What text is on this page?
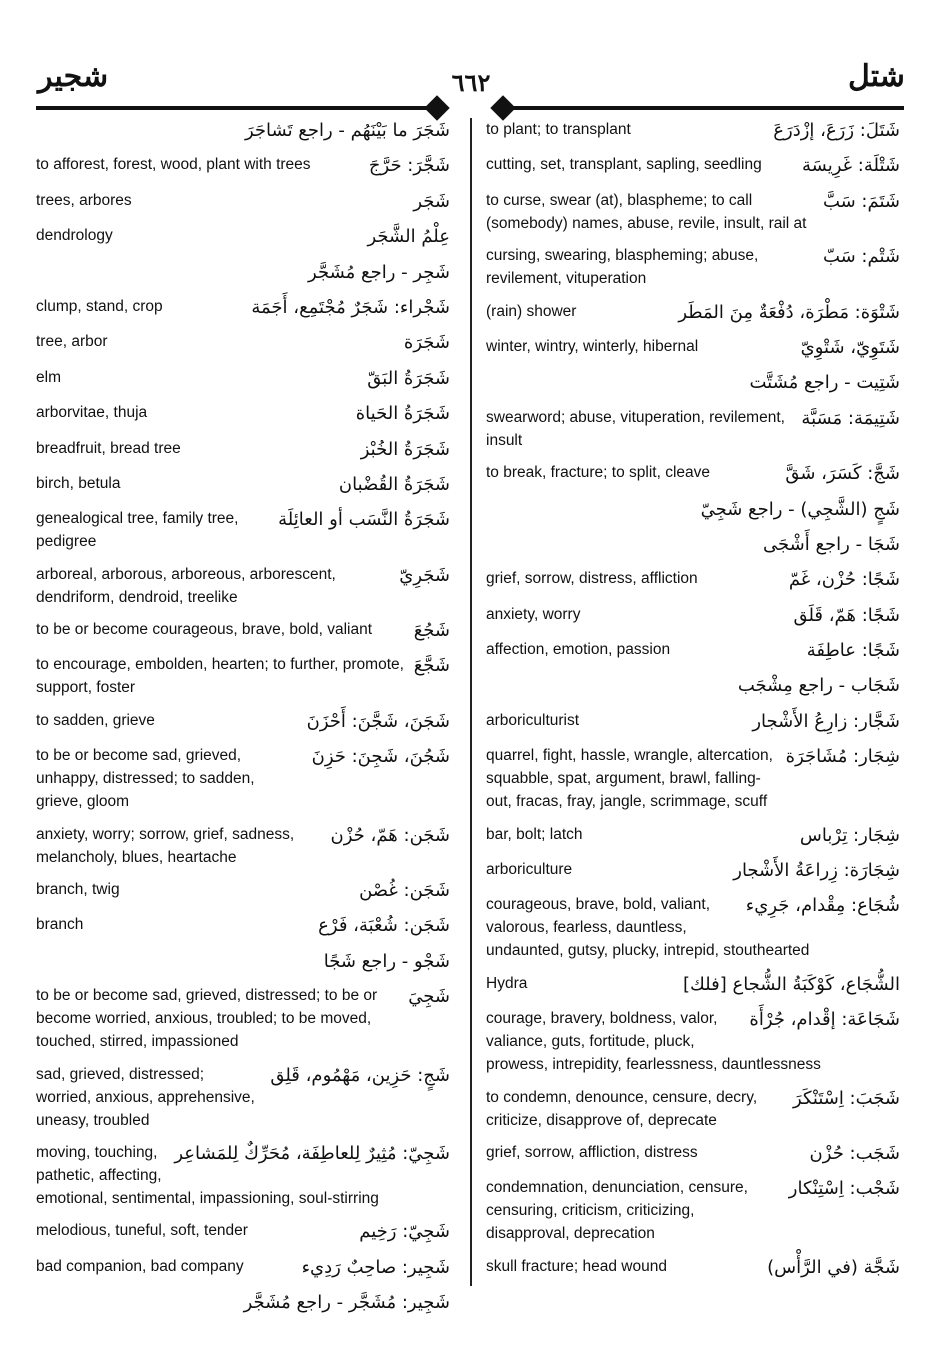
شتل
٦٦٢
شجير
شَتَلَ: زَرَعَ، إزْدَرَعَ
to plant; to transplant
شَتْلَة: غَرِيسَة
cutting, set, transplant, sapling, seedling
شَتَمَ: سَبَّ
to curse, swear (at), blaspheme; to call (somebody) names, abuse, revile, insult, rail at
شَتْم: سَبّ
cursing, swearing, blaspheming; abuse, revilement, vituperation
شَتْوَة: مَطْرَة، دُفْعَةٌ مِنَ المَطَر
(rain) shower
شَتَوِيّ، شَتْوِيّ
winter, wintry, winterly, hibernal
شَتِيت - راجع مُشَتَّت
شَتِيمَة: مَسَبَّة
swearword; abuse, vituperation, revilement, insult
شَجَّ: كَسَرَ، شَقَّ
to break, fracture; to split, cleave
شَجٍ (الشَّجِي) - راجع شَجِيّ
شَجَا - راجع أَشْجَى
شَجًا: حُزْن، غَمّ
grief, sorrow, distress, affliction
شَجًا: هَمّ، قَلَق
anxiety, worry
شَجًا: عاطِفَة
affection, emotion, passion
شَجَاب - راجع مِشْجَب
شَجَّار: زارِعُ الأَشْجار
arboriculturist
شِجَار: مُشَاجَرَة
quarrel, fight, hassle, wrangle, altercation, squabble, spat, argument, brawl, falling-out, fracas, fray, jangle, scrimmage, scuff
شِجَار: تِرْباس
bar, bolt; latch
شِجَارَة: زِراعَةُ الأَشْجار
arboriculture
شُجَاع: مِقْدام، جَرِيء
courageous, brave, bold, valiant, valorous, fearless, dauntless, undaunted, gutsy, plucky, intrepid, stouthearted
الشُّجَاع، كَوْكَبَةُ الشُّجاع [فلك]
Hydra
شَجَاعَة: إقْدام، جُرْأَة
courage, bravery, boldness, valor, valiance, guts, fortitude, pluck, prowess, intrepidity, fearlessness, dauntlessness
شَجَبَ: اِسْتَنْكَرَ
to condemn, denounce, censure, decry, criticize, disapprove of, deprecate
شَجَب: حُزْن
grief, sorrow, affliction, distress
شَجْب: اِسْتِنْكار
condemnation, denunciation, censure, censuring, criticism, criticizing, disapproval, deprecation
شَجَّة (في الرَّأْس)
skull fracture; head wound
شَجَرَ ما بَيْنَهُم - راجع تَشاجَرَ
شَجَّرَ: حَرَّجَ
to afforest, forest, wood, plant with trees
شَجَر
trees, arbores
عِلْمُ الشَّجَر
dendrology
شَجِر - راجع مُشَجَّر
شَجْراء: شَجَرٌ مُجْتَمِع، أَجَمَة
clump, stand, crop
شَجَرَة
tree, arbor
شَجَرَةُ البَقّ
elm
شَجَرَةُ الحَياة
arborvitae, thuja
شَجَرَةُ الخُبْز
breadfruit, bread tree
شَجَرَةُ القُضْبان
birch, betula
شَجَرَةُ النَّسَب أو العائِلَة
genealogical tree, family tree, pedigree
شَجَرِيّ
arboreal, arborous, arboreous, arborescent, dendriform, dendroid, treelike
شَجُعَ
to be or become courageous, brave, bold, valiant
شَجَّعَ
to encourage, embolden, hearten; to further, promote, support, foster
شَجَنَ، شَجَّنَ: أَحْزَنَ
to sadden, grieve
شَجُنَ، شَجِنَ: حَزِنَ
to be or become sad, grieved, unhappy, distressed; to sadden, grieve, gloom
شَجَن: هَمّ، حُزْن
anxiety, worry; sorrow, grief, sadness, melancholy, blues, heartache
شَجَن: غُصْن
branch, twig
شَجَن: شُعْبَة، فَرْع
branch
شَجْو - راجع شَجًا
شَجِيَ
to be or become sad, grieved, distressed; to be or become worried, anxious, troubled; to be moved, touched, stirred, impassioned
شَجٍ: حَزِين، مَهْمُوم، قَلِق
sad, grieved, distressed; worried, anxious, apprehensive, uneasy, troubled
شَجِيّ: مُثِيرٌ لِلعاطِفَة، مُحَرِّكٌ لِلمَشاعِر
moving, touching, pathetic, affecting, emotional, sentimental, impassioning, soul-stirring
شَجِيّ: رَخِيم
melodious, tuneful, soft, tender
شَجِير: صاحِبٌ رَدِيء
bad companion, bad company
شَجِير: مُشَجَّر - راجع مُشَجَّر
